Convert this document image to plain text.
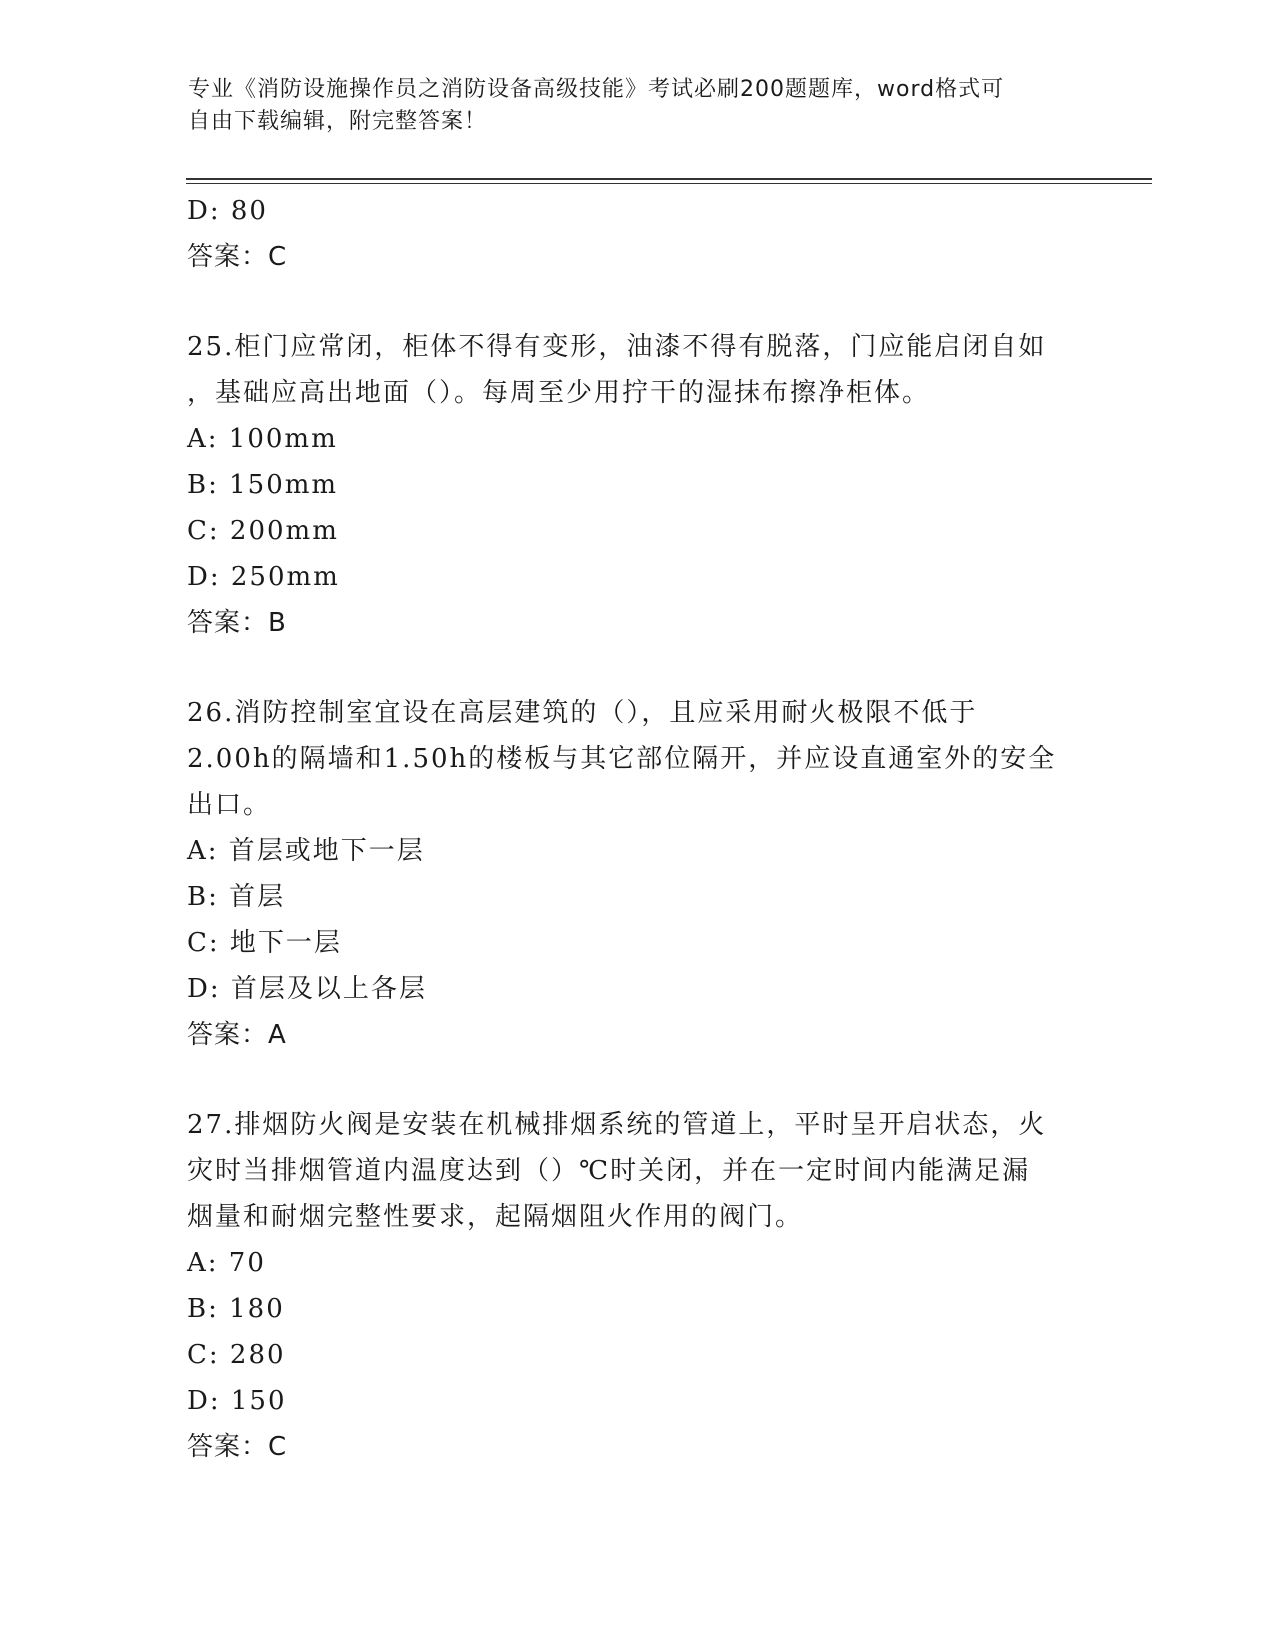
专业《消防设施操作员之消防设备高级技能》考试必刷200题题库，word格式可
自由下载编辑，附完整答案！
D: 80
答案：C
25.柜门应常闭，柜体不得有变形，油漆不得有脱落，门应能启闭自如
，基础应高出地面（）。每周至少用拧干的湿抹布擦净柜体。
A: 100mm
B: 150mm
C: 200mm
D: 250mm
答案：B
26.消防控制室宜设在高层建筑的（），且应采用耐火极限不低于
2.00h的隔墙和1.50h的楼板与其它部位隔开，并应设直通室外的安全
出口。
A: 首层或地下一层
B: 首层
C: 地下一层
D: 首层及以上各层
答案：A
27.排烟防火阀是安装在机械排烟系统的管道上，平时呈开启状态，火
灾时当排烟管道内温度达到（）℃时关闭，并在一定时间内能满足漏
烟量和耐烟完整性要求，起隔烟阻火作用的阀门。
A: 70
B: 180
C: 280
D: 150
答案：C
